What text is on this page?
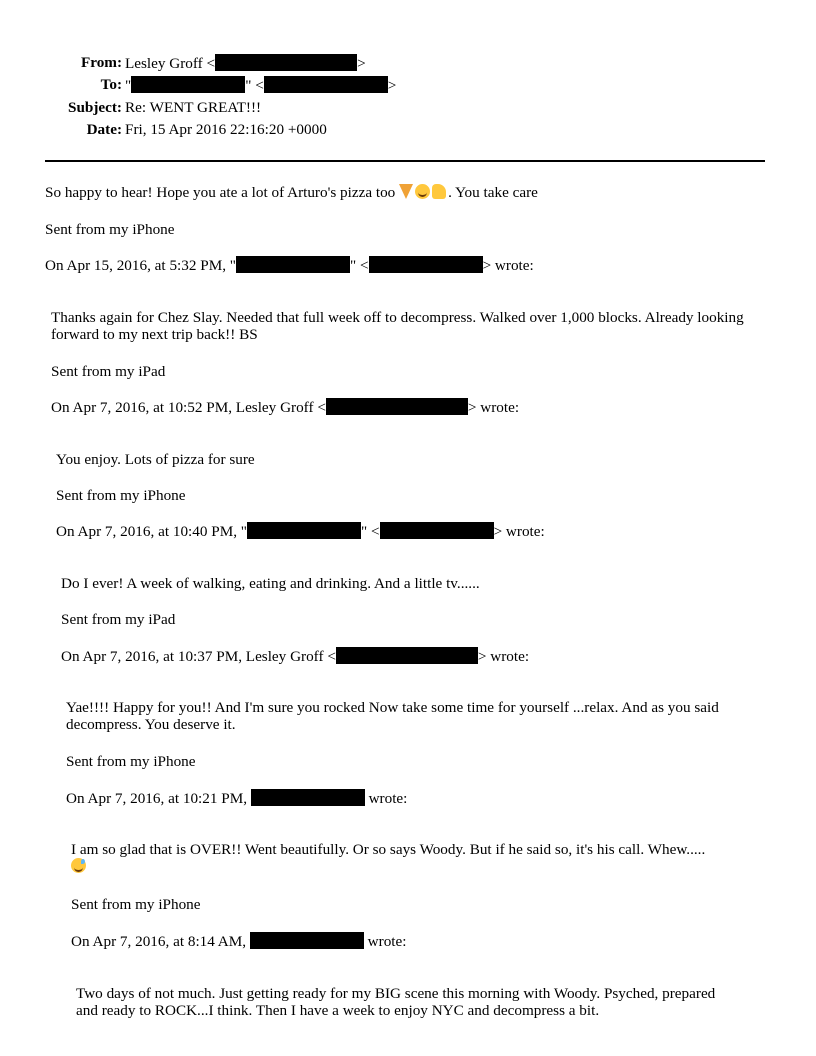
From: Lesley Groff <	>
To: "	" <	>
Subject: Re: WENT GREAT!!!
Date: Fri, 15 Apr 2016 22:16:20 +0000
So happy to hear! Hope you ate a lot of Arturo's pizza too	. You take care
Sent from my iPhone
On Apr 15, 2016, at 5:32 PM, "	" <	> wrote:
Thanks again for Chez Slay. Needed that full week off to decompress. Walked over 1,000 blocks. Already looking forward to my next trip back!! BS
Sent from my iPad
On Apr 7, 2016, at 10:52 PM, Lesley Groff <	> wrote:
You enjoy. Lots of pizza for sure
Sent from my iPhone
On Apr 7, 2016, at 10:40 PM, "	" <	> wrote:
Do I ever! A week of walking, eating and drinking. And a little tv......
Sent from my iPad
On Apr 7, 2016, at 10:37 PM, Lesley Groff <	> wrote:
Yae!!!! Happy for you!! And I'm sure you rocked Now take some time for yourself ...relax. And as you said decompress. You deserve it.
Sent from my iPhone
On Apr 7, 2016, at 10:21 PM,	wrote:
I am so glad that is OVER!! Went beautifully. Or so says Woody. But if he said so, it's his call. Whew.....

Sent from my iPhone
On Apr 7, 2016, at 8:14 AM,	wrote:
Two days of not much. Just getting ready for my BIG scene this morning with Woody. Psyched, prepared and ready to ROCK...I think. Then I have a week to enjoy NYC and decompress a bit.
